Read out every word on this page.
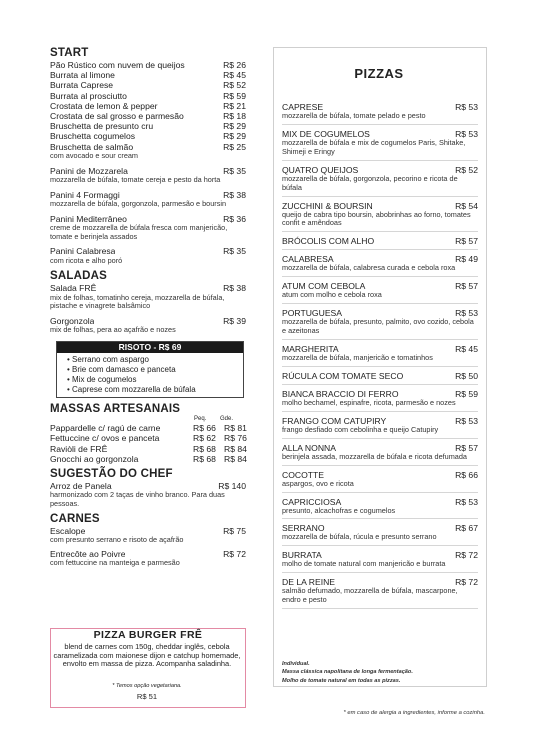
START
Pão Rústico com nuvem de queijos	R$ 26
Burrata al limone	R$ 45
Burrata Caprese	R$ 52
Burrata al prosciutto	R$ 59
Crostata de lemon & pepper	R$ 21
Crostata de sal grosso e parmesão	R$ 18
Bruschetta de presunto cru	R$ 29
Bruschetta cogumelos	R$ 29
Bruschetta de salmão	R$ 25
com avocado e sour cream
Panini de Mozzarela	R$ 35
mozzarella de búfala, tomate cereja e pesto da horta
Panini 4 Formaggi	R$ 38
mozzarella de búfala, gorgonzola, parmesão e boursin
Panini Mediterrâneo	R$ 36
creme de mozzarella de búfala fresca com manjericão, tomate e berinjela assados
Panini Calabresa	R$ 35
com ricota e alho poró
SALADAS
Salada FRÊ	R$ 38
mix de folhas, tomatinho cereja, mozzarella de búfala, pistache e vinagrete balsâmico
Gorgonzola	R$ 39
mix de folhas, pera ao açafrão e nozes
RISOTO - R$ 69
• Serrano com aspargo
• Brie com damasco e panceta
• Mix de cogumelos
• Caprese com mozzarella de búfala
MASSAS ARTESANAIS
Peq.	Gde.
Pappardelle c/ ragú de carne	R$ 66 R$ 81
Fettuccine c/ ovos e panceta	R$ 62 R$ 76
Raviòli de FRÊ	R$ 68 R$ 84
Gnocchi ao gorgonzola	R$ 68 R$ 84
SUGESTÃO DO CHEF
Arroz de Panela	R$ 140
harmonizado com 2 taças de vinho branco. Para duas pessoas.
CARNES
Escalope	R$ 75
com presunto serrano e risoto de açafrão
Entrecôte ao Poivre	R$ 72
com fettuccine na manteiga e parmesão
PIZZA BURGER FRÊ
blend de carnes com 150g, cheddar inglês, cebola caramelizada com maionese dijon e catchup homemade, envolto em massa de pizza. Acompanha saladinha.
* Temos opção vegetariana.
R$ 51
PIZZAS
CAPRESE	R$ 53
mozzarella de búfala, tomate pelado e pesto
MIX DE COGUMELOS	R$ 53
mozzarella de búfala e mix de cogumelos Paris, Shitake, Shimeji e Eringy
QUATRO QUEIJOS	R$ 52
mozzarella de búfala, gorgonzola, pecorino e ricota de búfala
ZUCCHINI & BOURSIN	R$ 54
queijo de cabra tipo boursin, abobrinhas ao forno, tomates confit e amêndoas
BRÓCOLIS COM ALHO	R$ 57
CALABRESA	R$ 49
mozzarella de búfala, calabresa curada e cebola roxa
ATUM COM CEBOLA	R$ 57
atum com molho e cebola roxa
PORTUGUESA	R$ 53
mozzarella de búfala, presunto, palmito, ovo cozido, cebola e azeitonas
MARGHERITA	R$ 45
mozzarella de búfala, manjericão e tomatinhos
RÚCULA COM TOMATE SECO	R$ 50
BIANCA BRACCIO DI FERRO	R$ 59
molho bechamel, espinafre, ricota, parmesão e nozes
FRANGO COM CATUPIRY	R$ 53
frango desfiado com cebolinha e queijo Catupiry
ALLA NONNA	R$ 57
berinjela assada, mozzarella de búfala e ricota defumada
COCOTTE	R$ 66
aspargos, ovo e ricota
CAPRICCIOSA	R$ 53
presunto, alcachofras e cogumelos
SERRANO	R$ 67
mozzarella de búfala, rúcula e presunto serrano
BURRATA	R$ 72
molho de tomate natural com manjericão e burrata
DE LA REINE	R$ 72
salmão defumado, mozzarella de búfala, mascarpone, endro e pesto
Individual.
Massa clássica napolitana de longa fermentação.
Molho de tomate natural em todas as pizzas.
* em caso de alergia a ingredientes, informe a cozinha.
